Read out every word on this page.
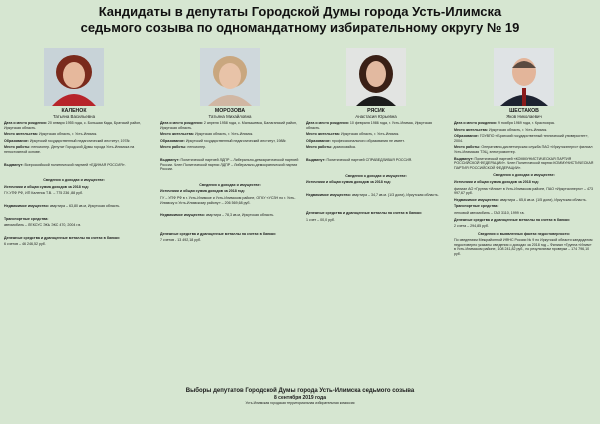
Кандидаты в депутаты Городской Думы города Усть-Илимска
седьмого созыва по одномандатному избирательному округу № 19
КАЛЕНОК
Татьяна Васильевна
Дата и место рождения: 20 января 1955 года, с. Большая Када, Братский район, Иркутская область.
Место жительства: Иркутская область, г. Усть-Илимск.
Образование: Иркутский государственный педагогический институт, 1978г.
Место работы: пенсионер. Депутат Городской Думы города Усть-Илимска на непостоянной основе.
Выдвинут: Всероссийской политической партией «ЕДИНАЯ РОССИЯ».
Сведения о доходах и имуществе:
Источники и общая сумма доходов за 2018 год:
ГУ-УПФ РФ, ИП Каленок Т.В. – 775 236 ,88 руб.
Недвижимое имущество: квартира – 63,80 кв.м, Иркутская область.
Транспортные средства:
автомобиль – ЛЕКСУС ЭКЬ ЭКС 470, 2004 г.в.
Денежные средства и драгоценные металлы на счетах в банках:
6 счетов – 46 246,52 руб.
МОРОЗОВА
Татьяна Михайловна
Дата и место рождения: 2 апреля 1958 года, с. Малышевка, Балаганский район, Иркутская область.
Место жительства: Иркутская область, г. Усть-Илимск.
Образование: Иркутский государственный педагогический институт, 1988г.
Место работы: пенсионер.
Выдвинут: Политической партией ЛДПР – Либерально-демократической партией России. Член Политической партии ЛДПР – Либерально-демократической партии России.
Сведения о доходах и имуществе:
Источники и общая сумма доходов за 2018 год:
ГУ – УПФ РФ в г. Усть-Илимске и Усть-Илимском районе, ОГКУ «УСЗН по г. Усть-Илимску и Усть-Илимскому району» – 206 569,68 руб.
Недвижимое имущество: квартира – 78,3 кв.м, Иркутская область.
Денежные средства и драгоценные металлы на счетах в банках:
7 счетов - 13 492,18 руб.
РЯСИК
Анастасия Юрьевна
Дата и место рождения: 10 февраля 1986 года, г. Усть-Илимск, Иркутская область.
Место жительства: Иркутская область, г. Усть-Илимск.
Образование: профессионального образования не имеет.
Место работы: домохозяйка.
Выдвинут: Политической партией СПРАВЕДЛИВАЯ РОССИЯ.
Сведения о доходах и имуществе:
Источники и общая сумма доходов за 2018 год:
Недвижимое имущество: квартира – 34,7 кв.м. (1/3 доли), Иркутская область.
Денежные средства и драгоценные металлы на счетах в банках:
1 счет – 00,0 руб.
ШЕСТАКОВ
Яков Николаевич
Дата и место рождения: 9 ноября 1969 года, г. Красноярск.
Место жительства: Иркутская область, г. Усть-Илимск.
Образование: ГОУВПО «Братский государственный технический университет», 2004.
Место работы: Оперативно-диспетчерская служба ПАО «Иркутскэнерго» филиал Усть-Илимская ТЭЦ, электромонтер.
Выдвинут: Политической партией «КОММУНИСТИЧЕСКАЯ ПАРТИЯ РОССИЙСКОЙ ФЕДЕРАЦИИ». Член Политической партии КОММУНИСТИЧЕСКАЯ ПАРТИЯ РОССИЙСКОЙ ФЕДЕРАЦИИ».
Сведения о доходах и имуществе:
Источники и общая сумма доходов за 2018 год:
филиал АО «Группа «Илим» в Усть-Илимском районе, ПАО «Иркутскэнерго» – 473 997,67 руб.
Недвижимое имущество: квартира – 65,6 кв.м. (1/5 доли), Иркутская область.
Транспортные средства:
легковой автомобиль – ГАЗ 3110, 1999 г.в.
Денежные средства и драгоценные металлы на счетах в банках:
2 счета – 294,85 руб.
Сведения о выявленных фактах недостоверности:
По сведениям Межрайонной ИФНС России № 9 по Иркутской области кандидатом недостоверно указаны сведения о доходах за 2018 год – Филиал «Группа «Илим» в Усть-Илимском районе, 108 241,82 руб., по результатам проверки – 174 796,10 руб.
Выборы депутатов Городской Думы города Усть-Илимска седьмого созыва
8 сентября 2019 года
Усть-Илимская городская территориальная избирательная комиссия
